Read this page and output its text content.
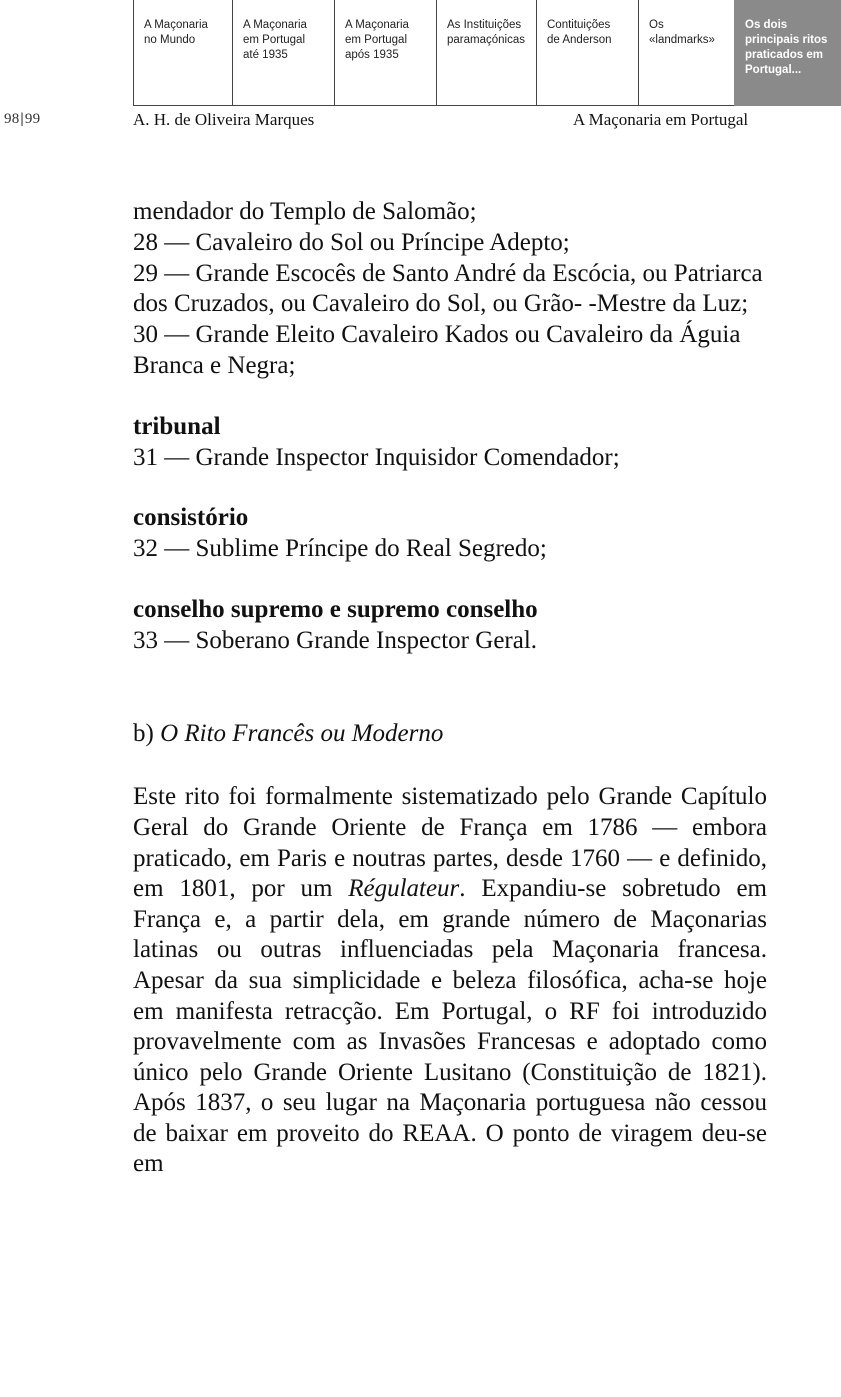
A Maçonaria
no Mundo
A Maçonaria
em Portugal
até 1935
A Maçonaria
em Portugal
após 1935
As Instituições
paramaçónicas
Contituições
de Anderson
Os
«landmarks»
Os dois
principais ritos
praticados em
Portugal...
98|99	A. H. de Oliveira Marques	A Maçonaria em Portugal

mendador do Templo de Salomão;

28 — Cavaleiro do Sol ou Príncipe Adepto;

29 — Grande Escocês de Santo André da Escócia, ou Patriarca dos Cruzados, ou Cavaleiro do Sol, ou Grão- -Mestre da Luz;

30 — Grande Eleito Cavaleiro Kados ou Cavaleiro da Águia Branca e Negra;

tribunal

31 — Grande Inspector Inquisidor Comendador;

consistório

32 — Sublime Príncipe do Real Segredo;

conselho supremo e supremo conselho

33 — Soberano Grande Inspector Geral.

b) O Rito Francês ou Moderno

Este rito foi formalmente sistematizado pelo Grande Capítulo Geral do Grande Oriente de França em 1786 — embora praticado, em Paris e noutras partes, desde 1760 — e definido, em 1801, por um Régulateur. Expandiu-se sobretudo em França e, a partir dela, em grande número de Maçonarias latinas ou outras influenciadas pela Maçonaria francesa. Apesar da sua simplicidade e beleza filosófica, acha-se hoje em manifesta retracção. Em Portugal, o RF foi introduzido provavelmente com as Invasões Francesas e adoptado como único pelo Grande Oriente Lusitano (Constituição de 1821). Após 1837, o seu lugar na Maçonaria portuguesa não cessou de baixar em proveito do REAA. O ponto de viragem deu-se em
